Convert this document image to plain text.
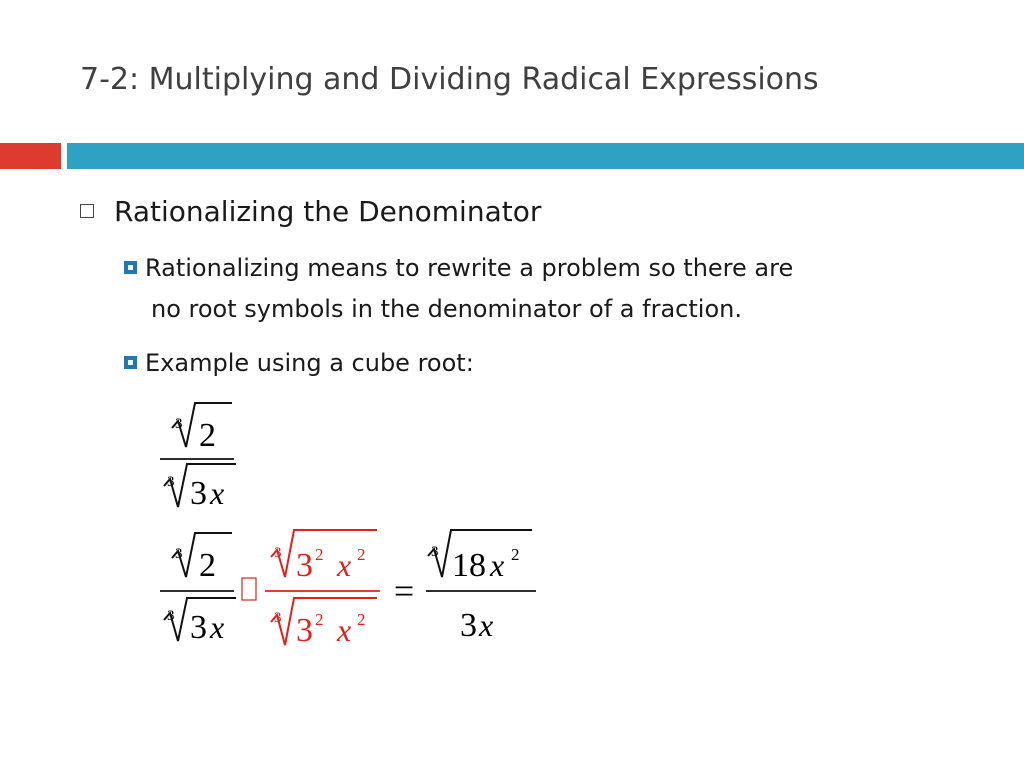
7-2: Multiplying and Dividing Radical Expressions
Rationalizing the Denominator
Rationalizing means to rewrite a problem so there are
no root symbols in the denominator of a fraction.
Example using a cube root:
3 2
3 3 x
3 2
3 3 x
3 3 2 x 2
3 3 2 x 2
=
3 18 x 2
3 x
